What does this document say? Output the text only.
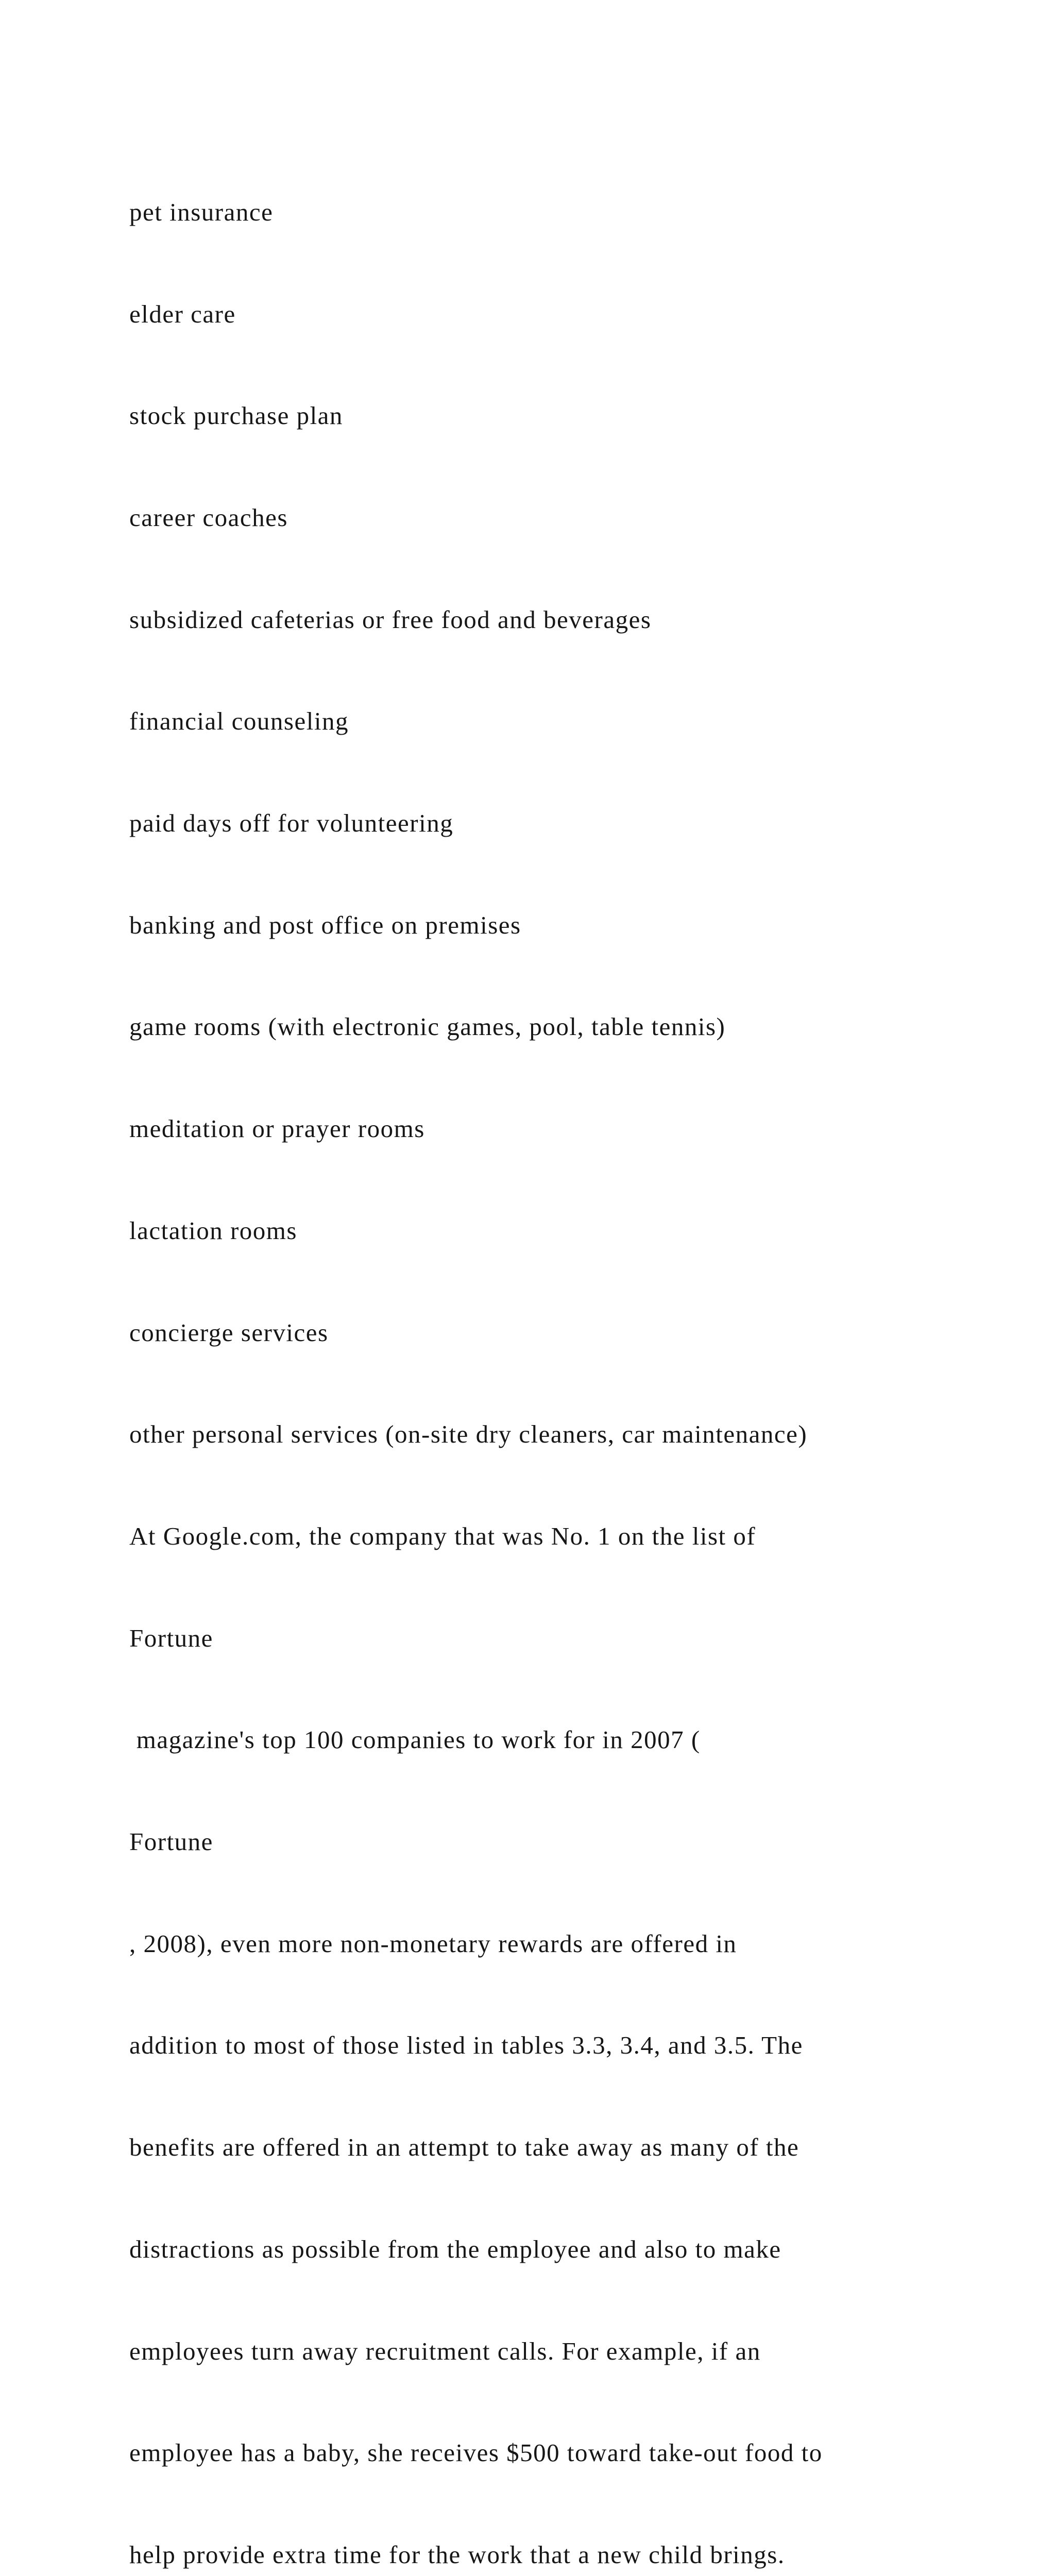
pet insurance

elder care

stock purchase plan

career coaches

subsidized cafeterias or free food and beverages

financial counseling

paid days off for volunteering

banking and post office on premises

game rooms (with electronic games, pool, table tennis)

meditation or prayer rooms

lactation rooms

concierge services

other personal services (on-site dry cleaners, car maintenance)

At Google.com, the company that was No. 1 on the list of

Fortune

magazine's top 100 companies to work for in 2007 (

Fortune

, 2008), even more non-monetary rewards are offered in

addition to most of those listed in tables 3.3, 3.4, and 3.5. The

benefits are offered in an attempt to take away as many of the

distractions as possible from the employee and also to make

employees turn away recruitment calls. For example, if an

employee has a baby, she receives $500 toward take-out food to

help provide extra time for the work that a new child brings.
